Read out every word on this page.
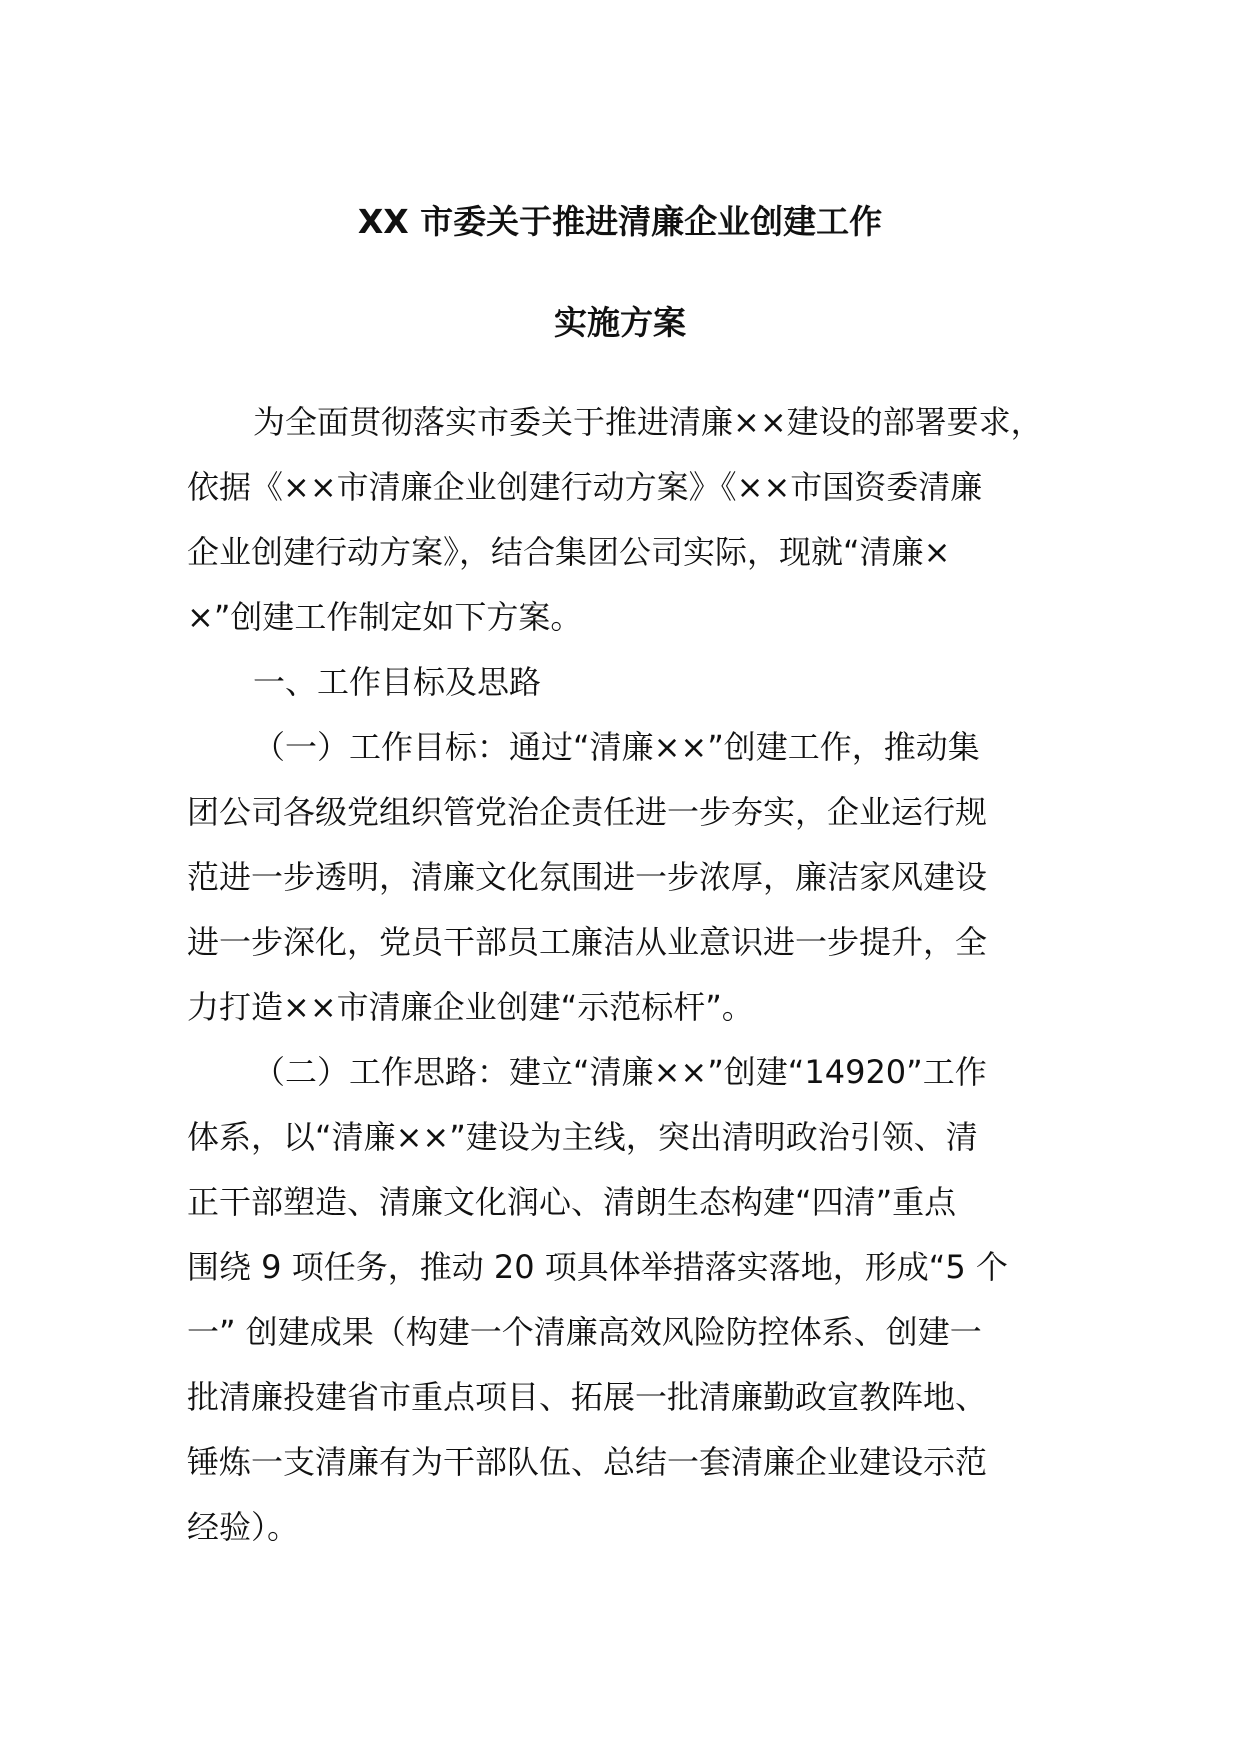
XX 市委关于推进清廉企业创建工作
实施方案
为全面贯彻落实市委关于推进清廉××建设的部署要求，
依据《××市清廉企业创建行动方案》《××市国资委清廉
企业创建行动方案》，结合集团公司实际，现就“清廉×
×”创建工作制定如下方案。
一、工作目标及思路
（一）工作目标：通过“清廉××”创建工作，推动集
团公司各级党组织管党治企责任进一步夯实，企业运行规
范进一步透明，清廉文化氛围进一步浓厚，廉洁家风建设
进一步深化，党员干部员工廉洁从业意识进一步提升，全
力打造××市清廉企业创建“示范标杆”。
（二）工作思路：建立“清廉××”创建“14920”工作
体系，以“清廉××”建设为主线，突出清明政治引领、清
正干部塑造、清廉文化润心、清朗生态构建“四清”重点
围绕 9 项任务，推动 20 项具体举措落实落地，形成“5 个
一” 创建成果（构建一个清廉高效风险防控体系、创建一
批清廉投建省市重点项目、拓展一批清廉勤政宣教阵地、
锤炼一支清廉有为干部队伍、总结一套清廉企业建设示范
经验）。
